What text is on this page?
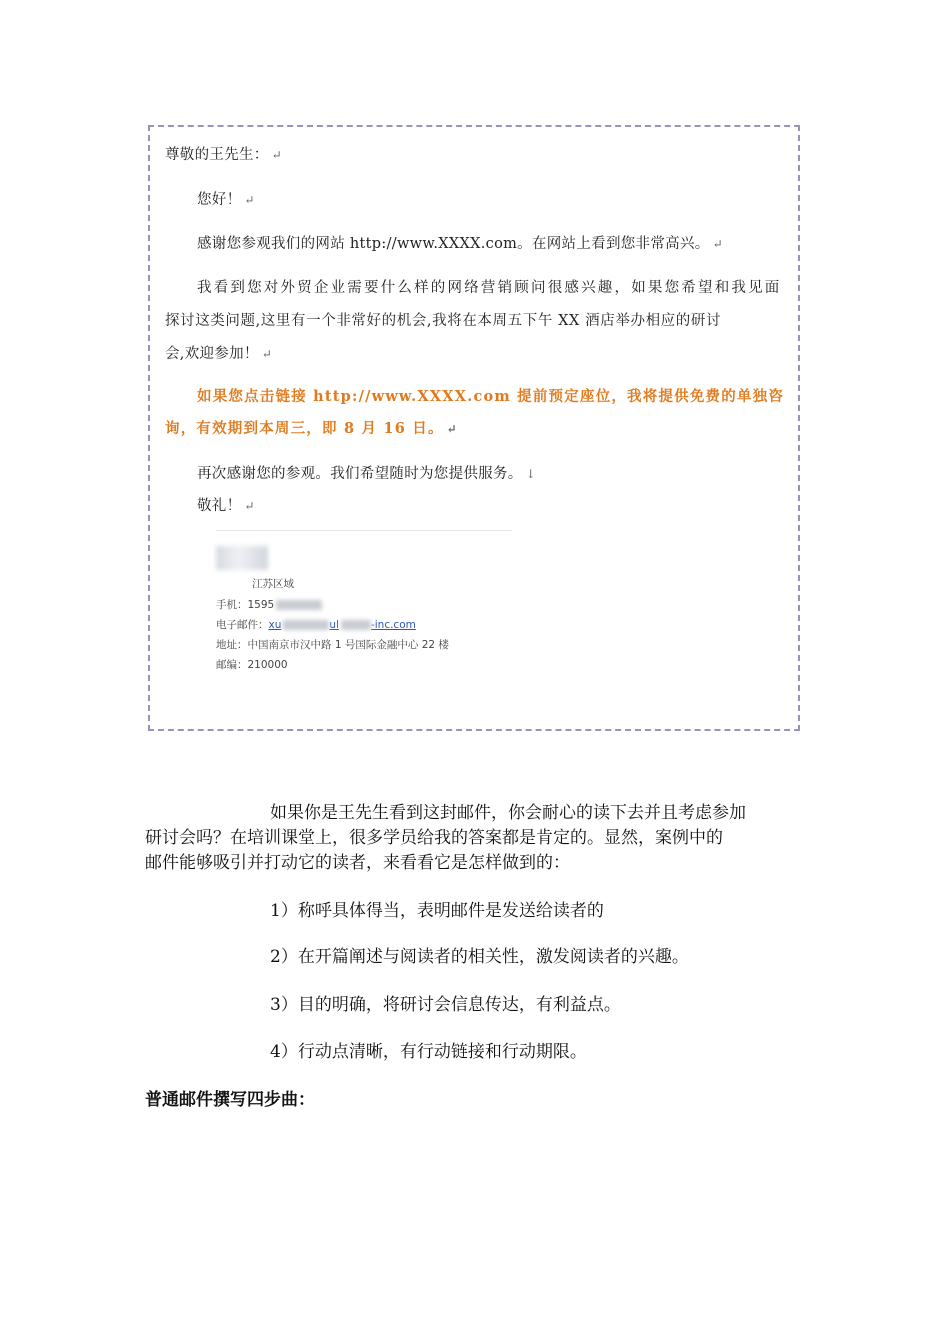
尊敬的王先生： ↵
您好！ ↵
感谢您参观我们的网站 http://www.XXXX.com。在网站上看到您非常高兴。 ↵
我看到您对外贸企业需要什么样的网络营销顾问很感兴趣，如果您希望和我见面
探讨这类问题,这里有一个非常好的机会,我将在本周五下午 XX 酒店举办相应的研讨
会,欢迎参加！ ↵
如果您点击链接 http://www.XXXX.com 提前预定座位，我将提供免费的单独咨
询，有效期到本周三，即 8 月 16 日。 ↵
再次感谢您的参观。我们希望随时为您提供服务。 ↓
敬礼！ ↵
江苏区域
手机：1595
电子邮件：xu	ul	-inc.com
地址：中国南京市汉中路 1 号国际金融中心 22 楼
邮编：210000
如果你是王先生看到这封邮件，你会耐心的读下去并且考虑参加
研讨会吗？在培训课堂上，很多学员给我的答案都是肯定的。显然，案例中的
邮件能够吸引并打动它的读者，来看看它是怎样做到的：
1）称呼具体得当，表明邮件是发送给读者的
2）在开篇阐述与阅读者的相关性，激发阅读者的兴趣。
3）目的明确，将研讨会信息传达，有利益点。
4）行动点清晰，有行动链接和行动期限。
普通邮件撰写四步曲：
